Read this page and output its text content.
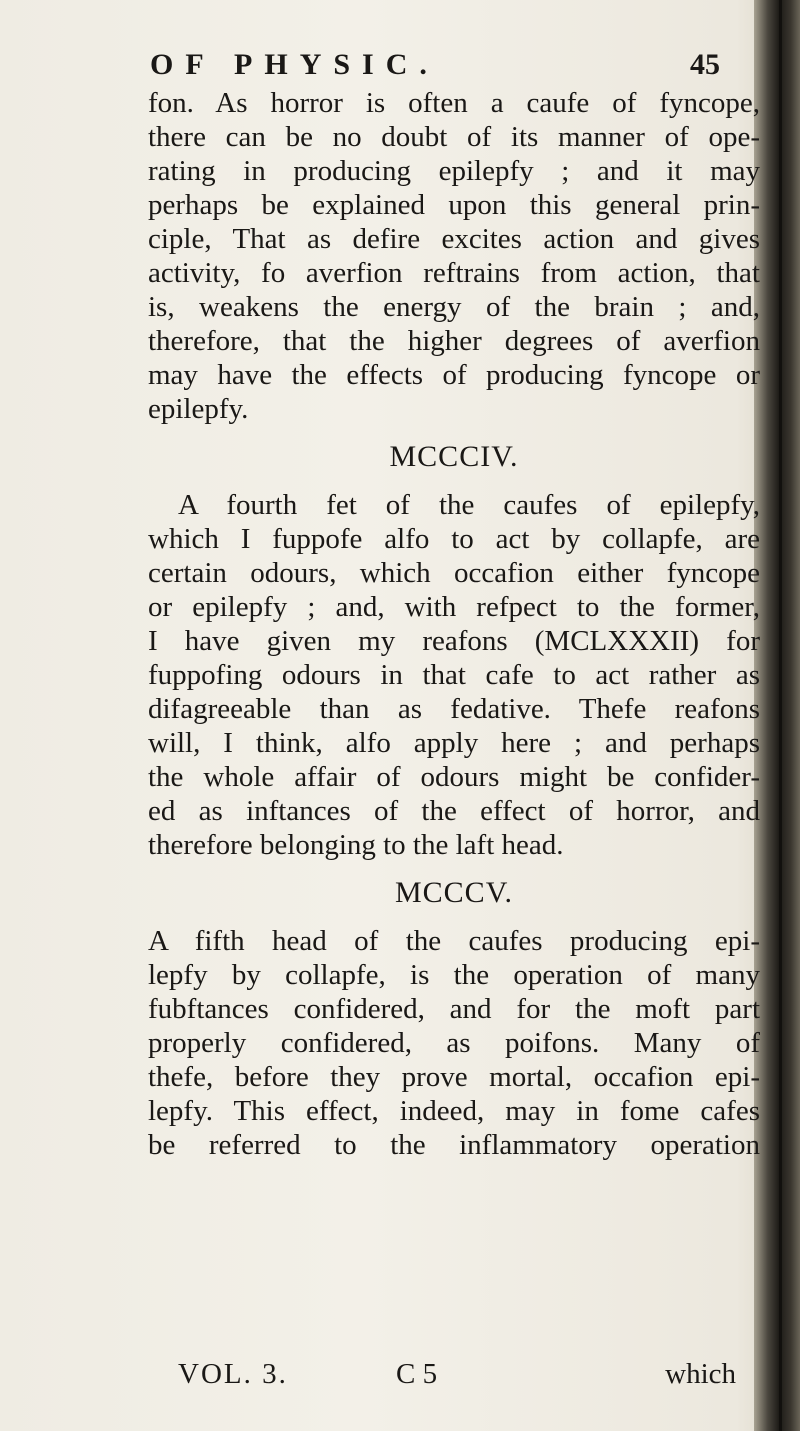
OF PHYSIC.	45
fon. As horror is often a caufe of fyncope,
there can be no doubt of its manner of ope-
rating in producing epilepfy ; and it may
perhaps be explained upon this general prin-
ciple, That as defire excites action and gives
activity, fo averfion reftrains from action, that
is, weakens the energy of the brain ; and,
therefore, that the higher degrees of averfion
may have the effects of producing fyncope or
epilepfy.
MCCCIV.
A fourth fet of the caufes of epilepfy,
which I fuppofe alfo to act by collapfe, are
certain odours, which occafion either fyncope
or epilepfy ; and, with refpect to the former,
I have given my reafons (MCLXXXII) for
fuppofing odours in that cafe to act rather as
difagreeable than as fedative. Thefe reafons
will, I think, alfo apply here ; and perhaps
the whole affair of odours might be confider-
ed as inftances of the effect of horror, and
therefore belonging to the laft head.
MCCCV.
A fifth head of the caufes producing epi-
lepfy by collapfe, is the operation of many
fubftances confidered, and for the moft part
properly confidered, as poifons. Many of
thefe, before they prove mortal, occafion epi-
lepfy. This effect, indeed, may in fome cafes
be referred to the inflammatory operation
VOL. 3.	C 5	which
